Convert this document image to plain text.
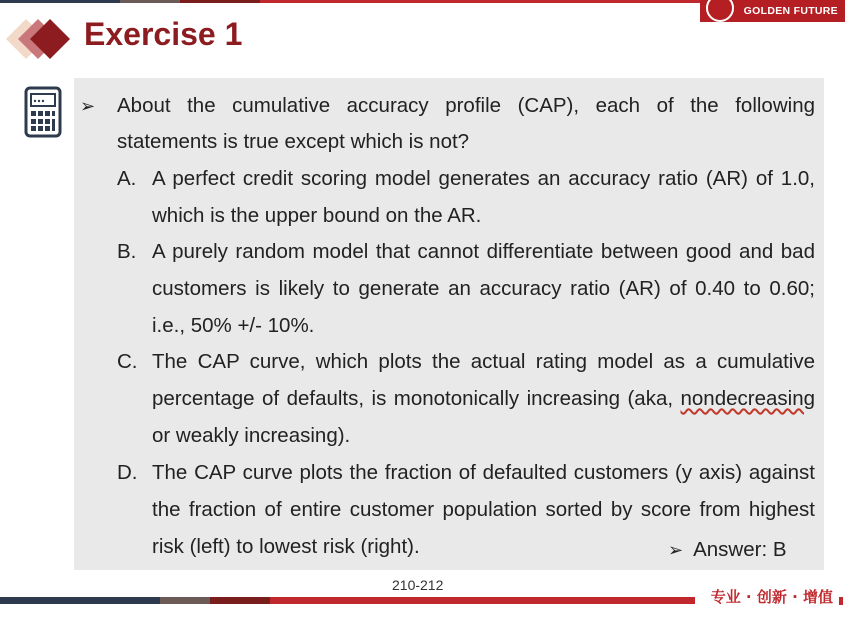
GOLDEN FUTURE
Exercise 1
➢ About the cumulative accuracy profile (CAP), each of the following statements is true except which is not?
A. A perfect credit scoring model generates an accuracy ratio (AR) of 1.0, which is the upper bound on the AR.
B. A purely random model that cannot differentiate between good and bad customers is likely to generate an accuracy ratio (AR) of 0.40 to 0.60; i.e., 50% +/- 10%.
C. The CAP curve, which plots the actual rating model as a cumulative percentage of defaults, is monotonically increasing (aka, nondecreasing or weakly increasing).
D. The CAP curve plots the fraction of defaulted customers (y axis) against the fraction of entire customer population sorted by score from highest risk (left) to lowest risk (right).	➢ Answer: B
210-212
专业 · 创新 · 增值
